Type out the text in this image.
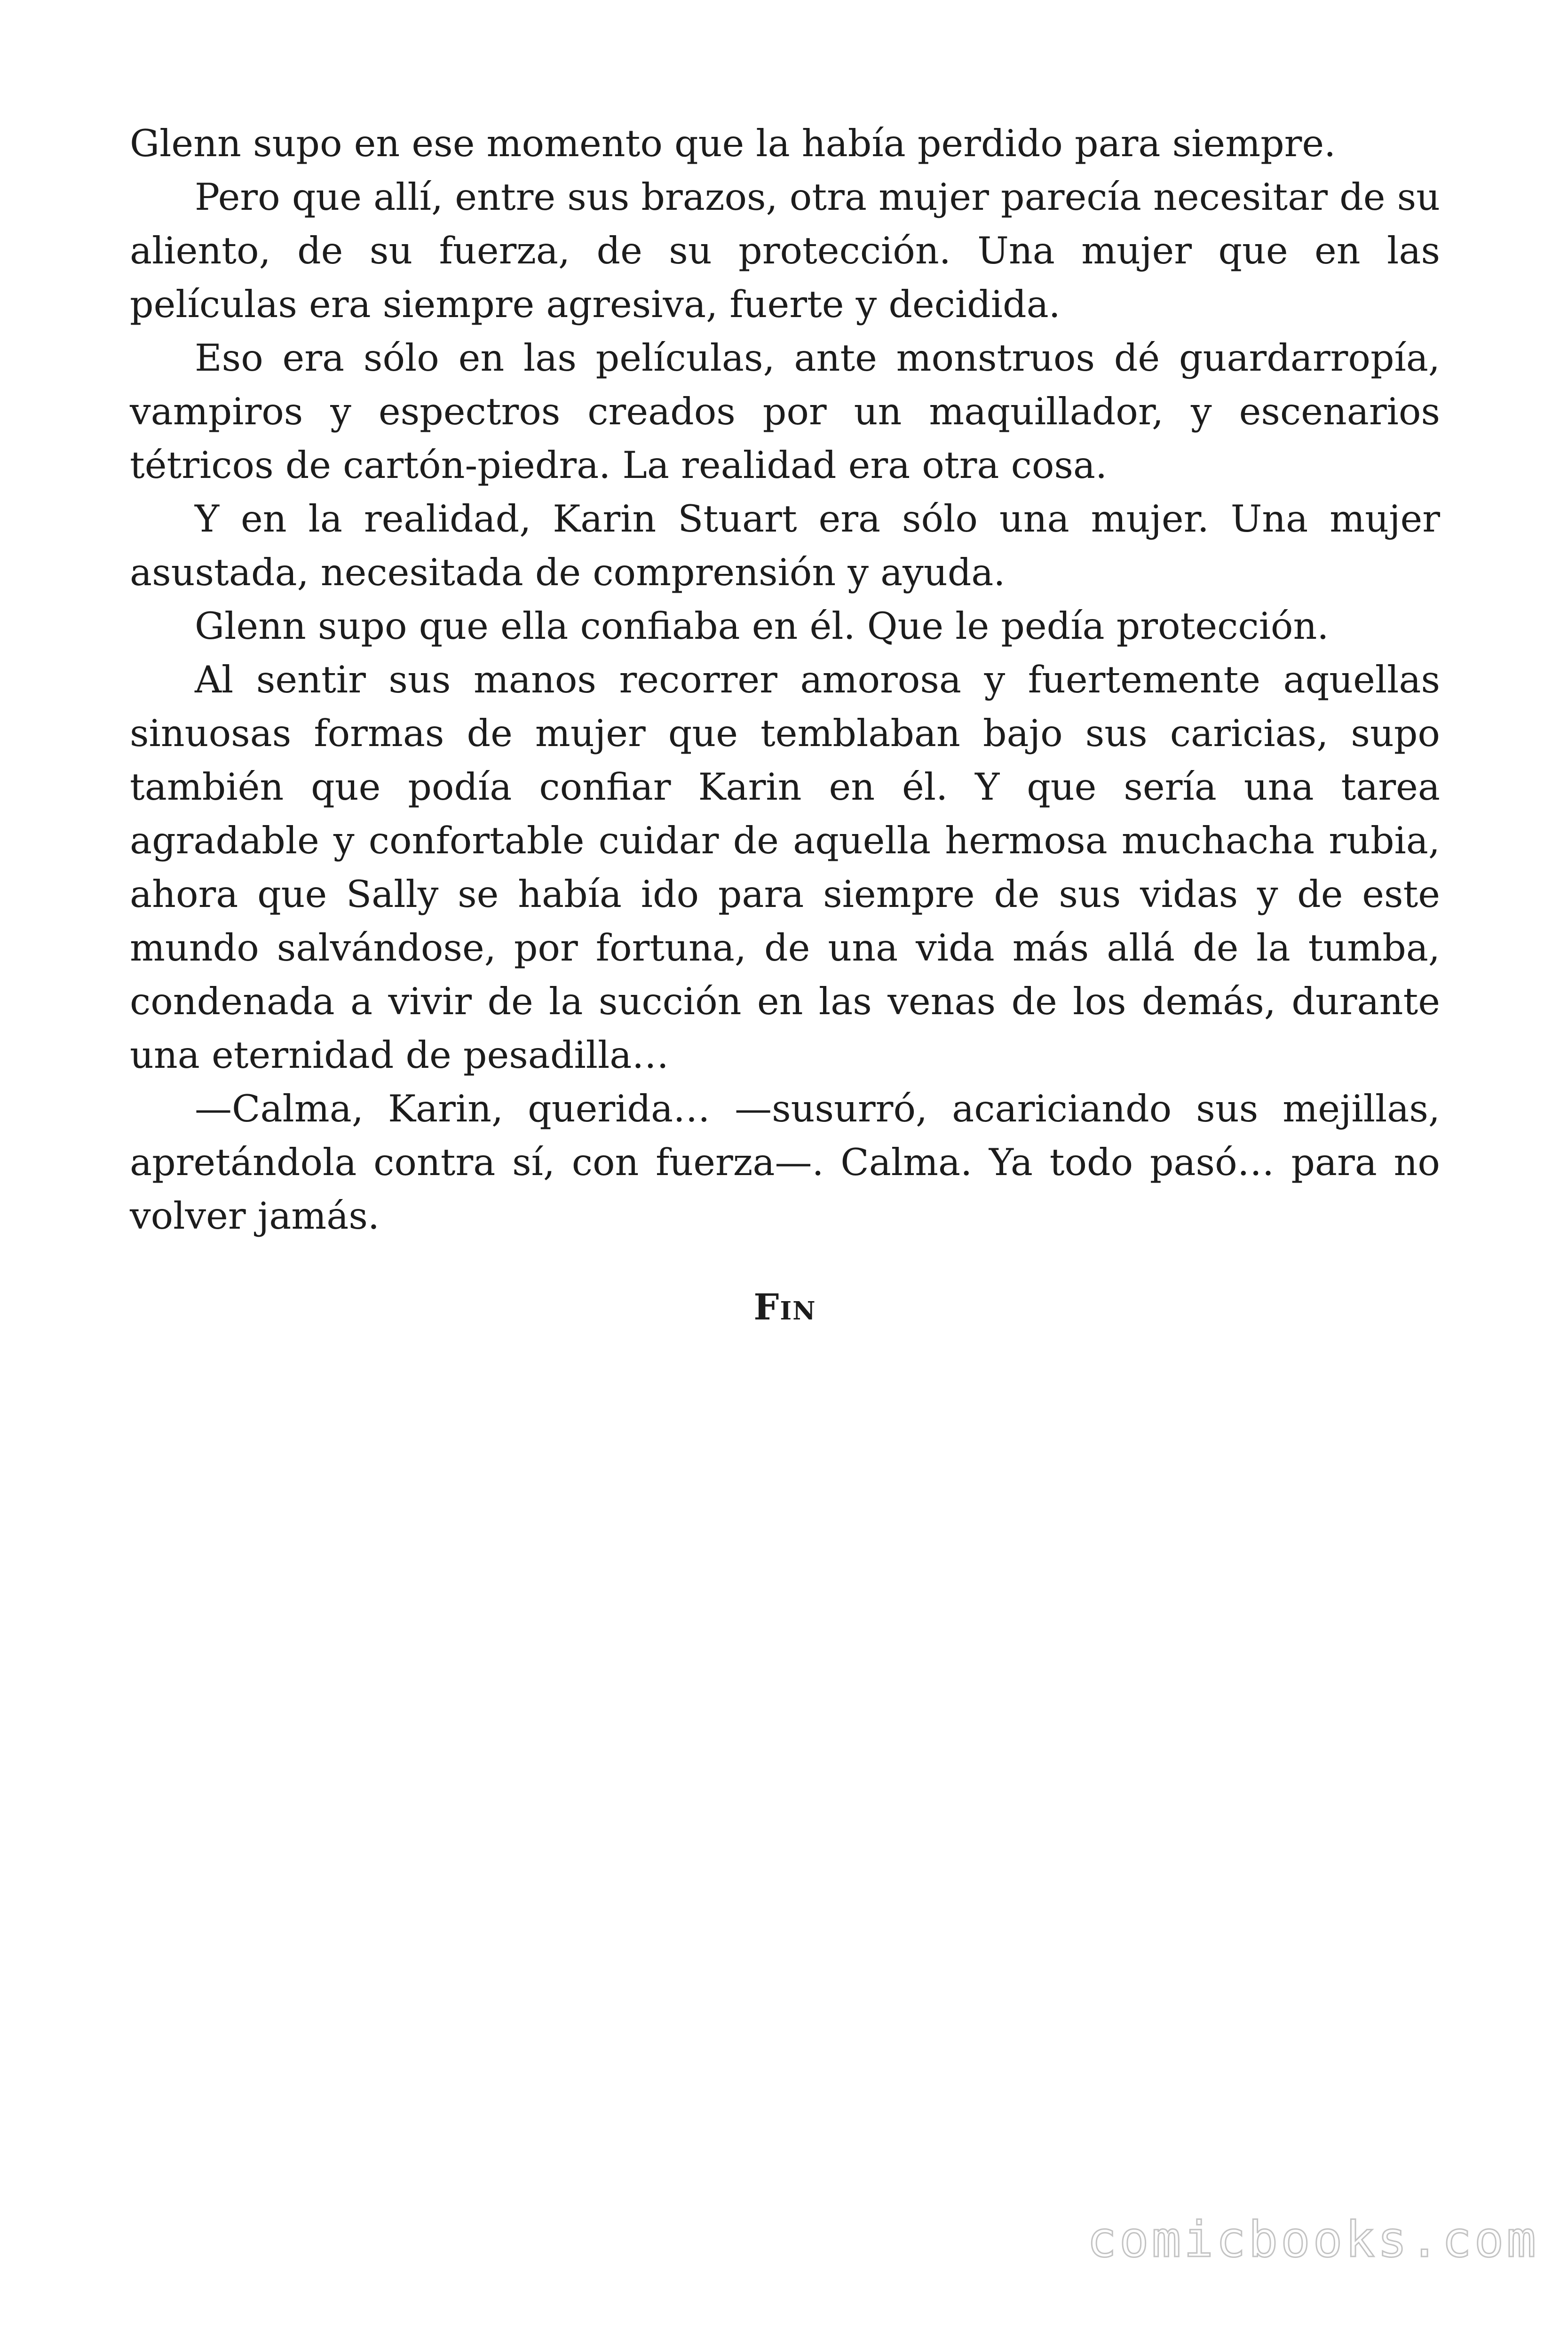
Glenn supo en ese momento que la había perdido para siempre.

Pero que allí, entre sus brazos, otra mujer parecía necesitar de su aliento, de su fuerza, de su protección. Una mujer que en las películas era siempre agresiva, fuerte y decidida.

Eso era sólo en las películas, ante monstruos dé guardarropía, vampiros y espectros creados por un maquillador, y escenarios tétricos de cartón-piedra. La realidad era otra cosa.

Y en la realidad, Karin Stuart era sólo una mujer. Una mujer asustada, necesitada de comprensión y ayuda.

Glenn supo que ella confiaba en él. Que le pedía protección.

Al sentir sus manos recorrer amorosa y fuertemente aquellas sinuosas formas de mujer que temblaban bajo sus caricias, supo también que podía confiar Karin en él. Y que sería una tarea agradable y confortable cuidar de aquella hermosa muchacha rubia, ahora que Sally se había ido para siempre de sus vidas y de este mundo salvándose, por fortuna, de una vida más allá de la tumba, condenada a vivir de la succión en las venas de los demás, durante una eternidad de pesadilla…

—Calma, Karin, querida… —susurró, acariciando sus mejillas, apretándola contra sí, con fuerza—. Calma. Ya todo pasó… para no volver jamás.

Fin
comicbooks.com
